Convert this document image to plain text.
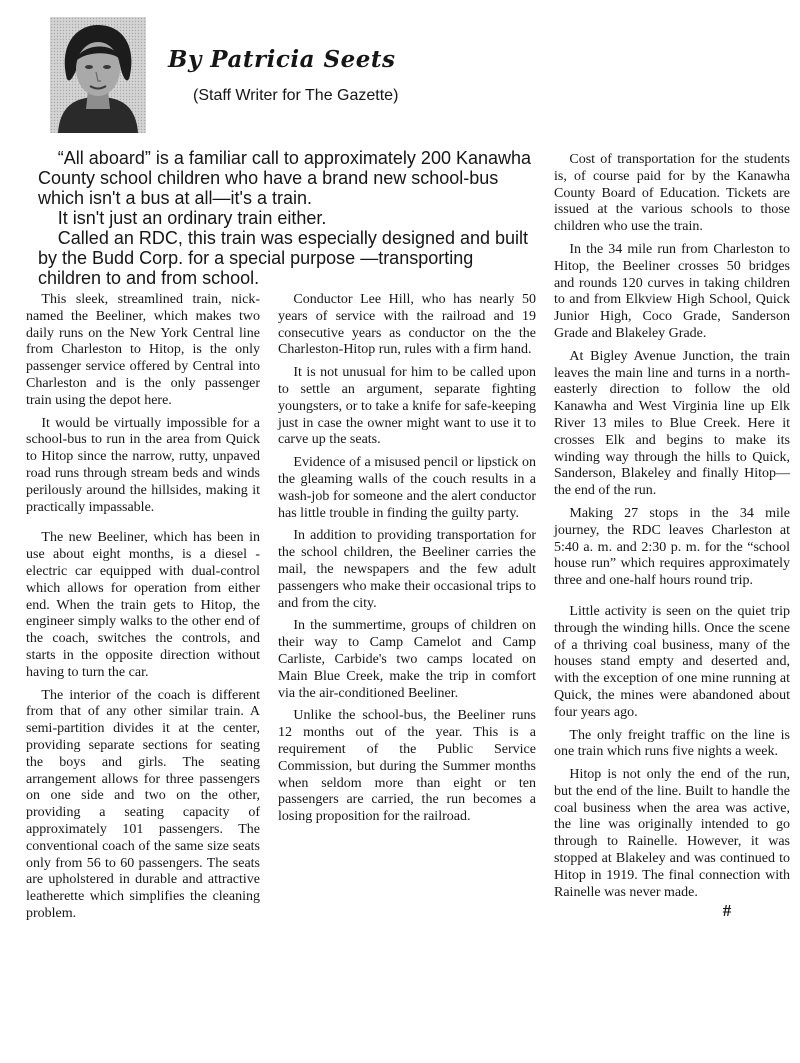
By Patricia Seets
(Staff Writer for The Gazette)

“All aboard” is a familiar call to approximately 200 Kanawha County school children who have a brand new school-bus which isn't a bus at all—it's a train.

It isn't just an ordinary train either.

Called an RDC, this train was especially designed and built by the Budd Corp. for a special purpose —transporting children to and from school.

This sleek, streamlined train, nick-named the Beeliner, which makes two daily runs on the New York Central line from Charleston to Hitop, is the only passenger service offered by Central into Charleston and is the only passenger train using the depot here.

It would be virtually impossible for a school-bus to run in the area from Quick to Hitop since the narrow, rutty, unpaved road runs through stream beds and winds perilously around the hillsides, making it practically impassable.

The new Beeliner, which has been in use about eight months, is a diesel - electric car equipped with dual-control which allows for operation from either end. When the train gets to Hitop, the engineer simply walks to the other end of the coach, switches the controls, and starts in the opposite direction without having to turn the car.

The interior of the coach is different from that of any other similar train. A semi-partition divides it at the center, providing separate sections for seating the boys and girls. The seating arrangement allows for three passengers on one side and two on the other, providing a seating capacity of approximately 101 passengers. The conventional coach of the same size seats only from 56 to 60 passengers. The seats are upholstered in durable and attractive leatherette which simplifies the cleaning problem.

Conductor Lee Hill, who has nearly 50 years of service with the railroad and 19 consecutive years as conductor on the the Charleston-Hitop run, rules with a firm hand.

It is not unusual for him to be called upon to settle an argument, separate fighting youngsters, or to take a knife for safe-keeping just in case the owner might want to use it to carve up the seats.

Evidence of a misused pencil or lipstick on the gleaming walls of the couch results in a wash-job for someone and the alert conductor has little trouble in finding the guilty party.

In addition to providing transportation for the school children, the Beeliner carries the mail, the newspapers and the few adult passengers who make their occasional trips to and from the city.

In the summertime, groups of children on their way to Camp Camelot and Camp Carliste, Carbide's two camps located on Main Blue Creek, make the trip in comfort via the air-conditioned Beeliner.

Unlike the school-bus, the Beeliner runs 12 months out of the year. This is a requirement of the Public Service Commission, but during the Summer months when seldom more than eight or ten passengers are carried, the run becomes a losing proposition for the railroad.

Cost of transportation for the students is, of course paid for by the Kanawha County Board of Education. Tickets are issued at the various schools to those children who use the train.

In the 34 mile run from Charleston to Hitop, the Beeliner crosses 50 bridges and rounds 120 curves in taking children to and from Elkview High School, Quick Junior High, Coco Grade, Sanderson Grade and Blakeley Grade.

At Bigley Avenue Junction, the train leaves the main line and turns in a north-easterly direction to follow the old Kanawha and West Virginia line up Elk River 13 miles to Blue Creek. Here it crosses Elk and begins to make its winding way through the hills to Quick, Sanderson, Blakeley and finally Hitop—the end of the run.

Making 27 stops in the 34 mile journey, the RDC leaves Charleston at 5:40 a. m. and 2:30 p. m. for the “school house run” which requires approximately three and one-half hours round trip.

Little activity is seen on the quiet trip through the winding hills. Once the scene of a thriving coal business, many of the houses stand empty and deserted and, with the exception of one mine running at Quick, the mines were abandoned about four years ago.

The only freight traffic on the line is one train which runs five nights a week.

Hitop is not only the end of the run, but the end of the line. Built to handle the coal business when the area was active, the line was originally intended to go through to Rainelle. However, it was stopped at Blakeley and was continued to Hitop in 1919. The final connection with Rainelle was never made.

#
